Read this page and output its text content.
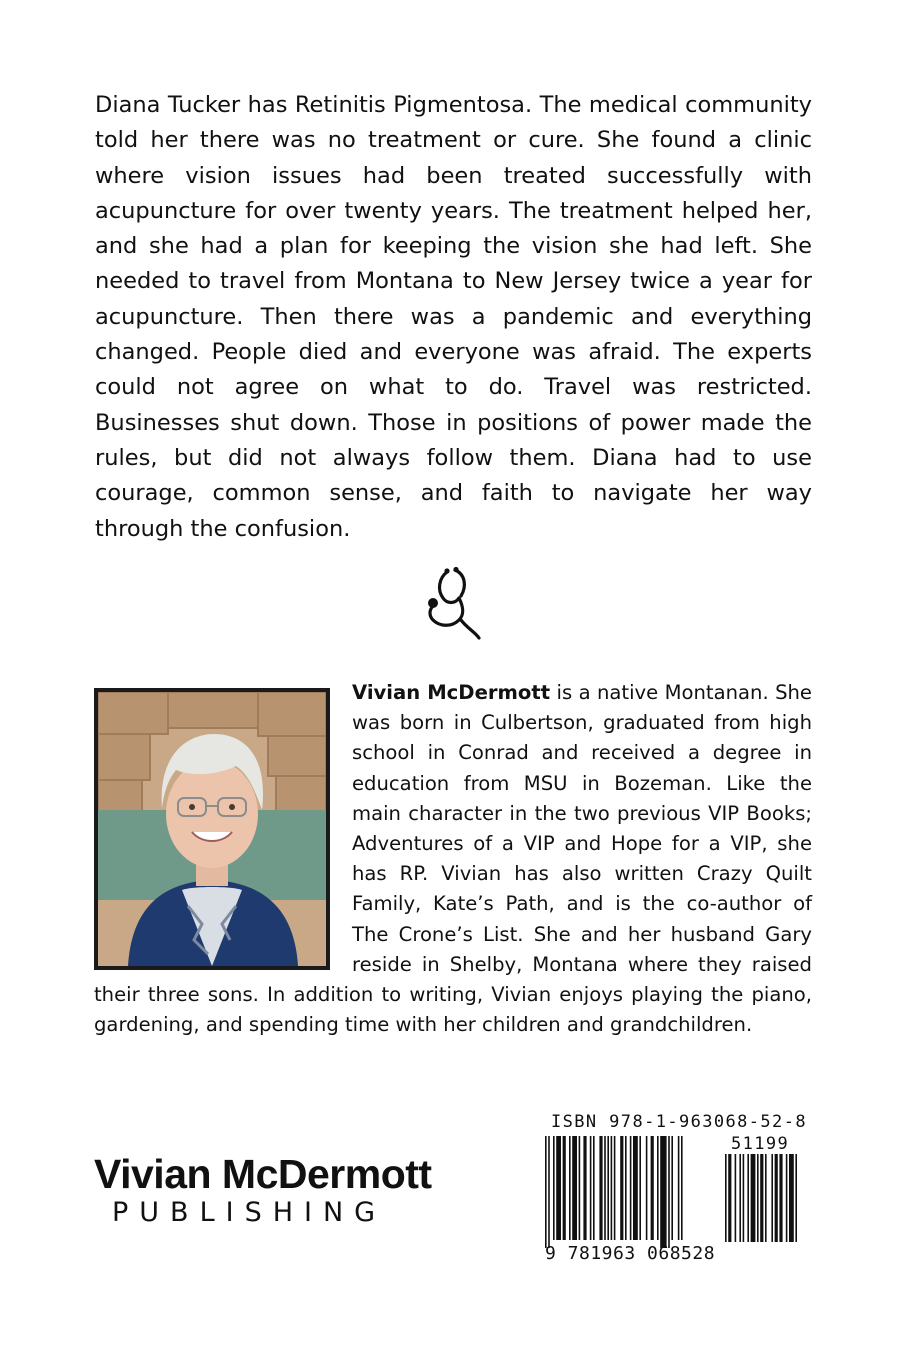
Diana Tucker has Retinitis Pigmentosa. The medical community told her there was no treatment or cure. She found a clinic where vision issues had been treated successfully with acupuncture for over twenty years. The treatment helped her, and she had a plan for keeping the vision she had left. She needed to travel from Montana to New Jersey twice a year for acupuncture. Then there was a pandemic and everything changed. People died and everyone was afraid. The experts could not agree on what to do. Travel was restricted. Businesses shut down. Those in positions of power made the rules, but did not always follow them. Diana had to use courage, common sense, and faith to navigate her way through the confusion.

Vivian McDermott is a native Montanan. She was born in Culbertson, graduated from high school in Conrad and received a degree in education from MSU in Bozeman. Like the main character in the two previous VIP Books; Adventures of a VIP and Hope for a VIP, she has RP. Vivian has also written Crazy Quilt Family, Kate’s Path, and is the co-author of The Crone’s List. She and her husband Gary reside in Shelby, Montana where they raised their three sons. In addition to writing, Vivian enjoys playing the piano, gardening, and spending time with her children and grandchildren.

Vivian McDermott
PUBLISHING
ISBN 978-1-963068-52-8
51199
9 781963 068528
